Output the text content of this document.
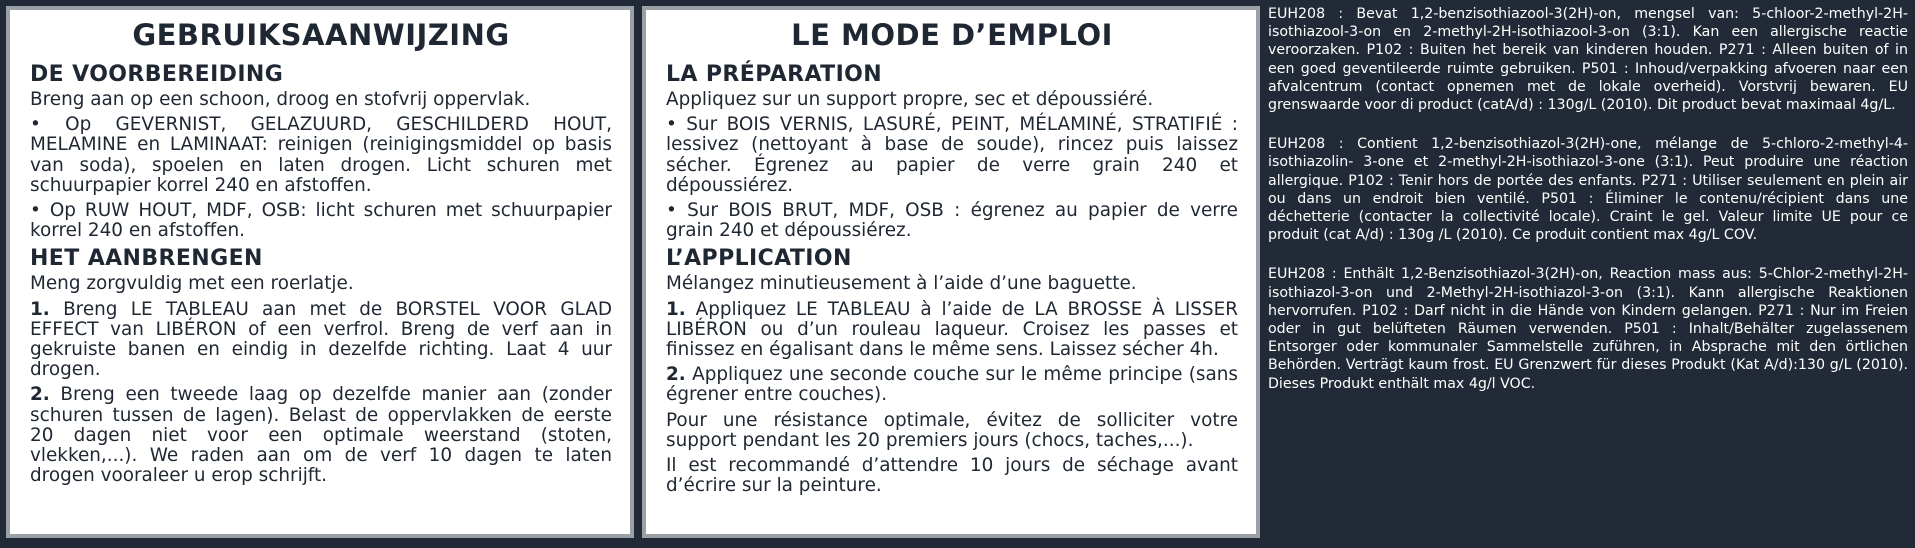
GEBRUIKSAANWIJZING
DE VOORBEREIDING
Breng aan op een schoon, droog en stofvrij oppervlak.
• Op GEVERNIST, GELAZUURD, GESCHILDERD HOUT, MELAMINE en LAMINAAT: reinigen (reinigingsmiddel op basis van soda), spoelen en laten drogen. Licht schuren met schuurpapier korrel 240 en afstoffen.
• Op RUW HOUT, MDF, OSB: licht schuren met schuurpapier korrel 240 en afstoffen.
HET AANBRENGEN
Meng zorgvuldig met een roerlatje.
1. Breng LE TABLEAU aan met de BORSTEL VOOR GLAD EFFECT van LIBÉRON of een verfrol. Breng de verf aan in gekruiste banen en eindig in dezelfde richting. Laat 4 uur drogen.
2. Breng een tweede laag op dezelfde manier aan (zonder schuren tussen de lagen). Belast de oppervlakken de eerste 20 dagen niet voor een optimale weerstand (stoten, vlekken,...). We raden aan om de verf 10 dagen te laten drogen vooraleer u erop schrijft.
LE MODE D’EMPLOI
LA PRÉPARATION
Appliquez sur un support propre, sec et dépoussiéré.
• Sur BOIS VERNIS, LASURÉ, PEINT, MÉLAMINÉ, STRATIFIÉ : lessivez (nettoyant à base de soude), rincez puis laissez sécher. Égrenez au papier de verre grain 240 et dépoussiérez.
• Sur BOIS BRUT, MDF, OSB : égrenez au papier de verre grain 240 et dépoussiérez.
L’APPLICATION
Mélangez minutieusement à l’aide d’une baguette.
1. Appliquez LE TABLEAU à l’aide de LA BROSSE À LISSER LIBÉRON ou d’un rouleau laqueur. Croisez les passes et finissez en égalisant dans le même sens. Laissez sécher 4h.
2. Appliquez une seconde couche sur le même principe (sans égrener entre couches).
Pour une résistance optimale, évitez de solliciter votre support pendant les 20 premiers jours (chocs, taches,...).
Il est recommandé d’attendre 10 jours de séchage avant d’écrire sur la peinture.
EUH208 : Bevat 1,2-benzisothiazool-3(2H)-on, mengsel van: 5-chloor-2-methyl-2H-isothiazool-3-on en 2-methyl-2H-isothiazool-3-on (3:1). Kan een allergische reactie veroorzaken. P102 : Buiten het bereik van kinderen houden. P271 : Alleen buiten of in een goed geventileerde ruimte gebruiken. P501 : Inhoud/verpakking afvoeren naar een afvalcentrum (contact opnemen met de lokale overheid). Vorstvrij bewaren. EU grenswaarde voor di product (catA/d) : 130g/L (2010). Dit product bevat maximaal 4g/L.
EUH208 : Contient 1,2-benzisothiazol-3(2H)-one, mélange de 5-chloro-2-methyl-4-isothiazolin- 3-one et 2-methyl-2H-isothiazol-3-one (3:1). Peut produire une réaction allergique. P102 : Tenir hors de portée des enfants. P271 : Utiliser seulement en plein air ou dans un endroit bien ventilé. P501 : Éliminer le contenu/récipient dans une déchetterie (contacter la collectivité locale). Craint le gel. Valeur limite UE pour ce produit (cat A/d) : 130g /L (2010). Ce produit contient max 4g/L COV.
EUH208 : Enthält 1,2-Benzisothiazol-3(2H)-on, Reaction mass aus: 5-Chlor-2-methyl-2H-isothiazol-3-on und 2-Methyl-2H-isothiazol-3-on (3:1). Kann allergische Reaktionen hervorrufen. P102 : Darf nicht in die Hände von Kindern gelangen. P271 : Nur im Freien oder in gut belüfteten Räumen verwenden. P501 : Inhalt/Behälter zugelassenem Entsorger oder kommunaler Sammelstelle zuführen, in Absprache mit den örtlichen Behörden. Verträgt kaum frost. EU Grenzwert für dieses Produkt (Kat A/d):130 g/L (2010). Dieses Produkt enthält max 4g/l VOC.
